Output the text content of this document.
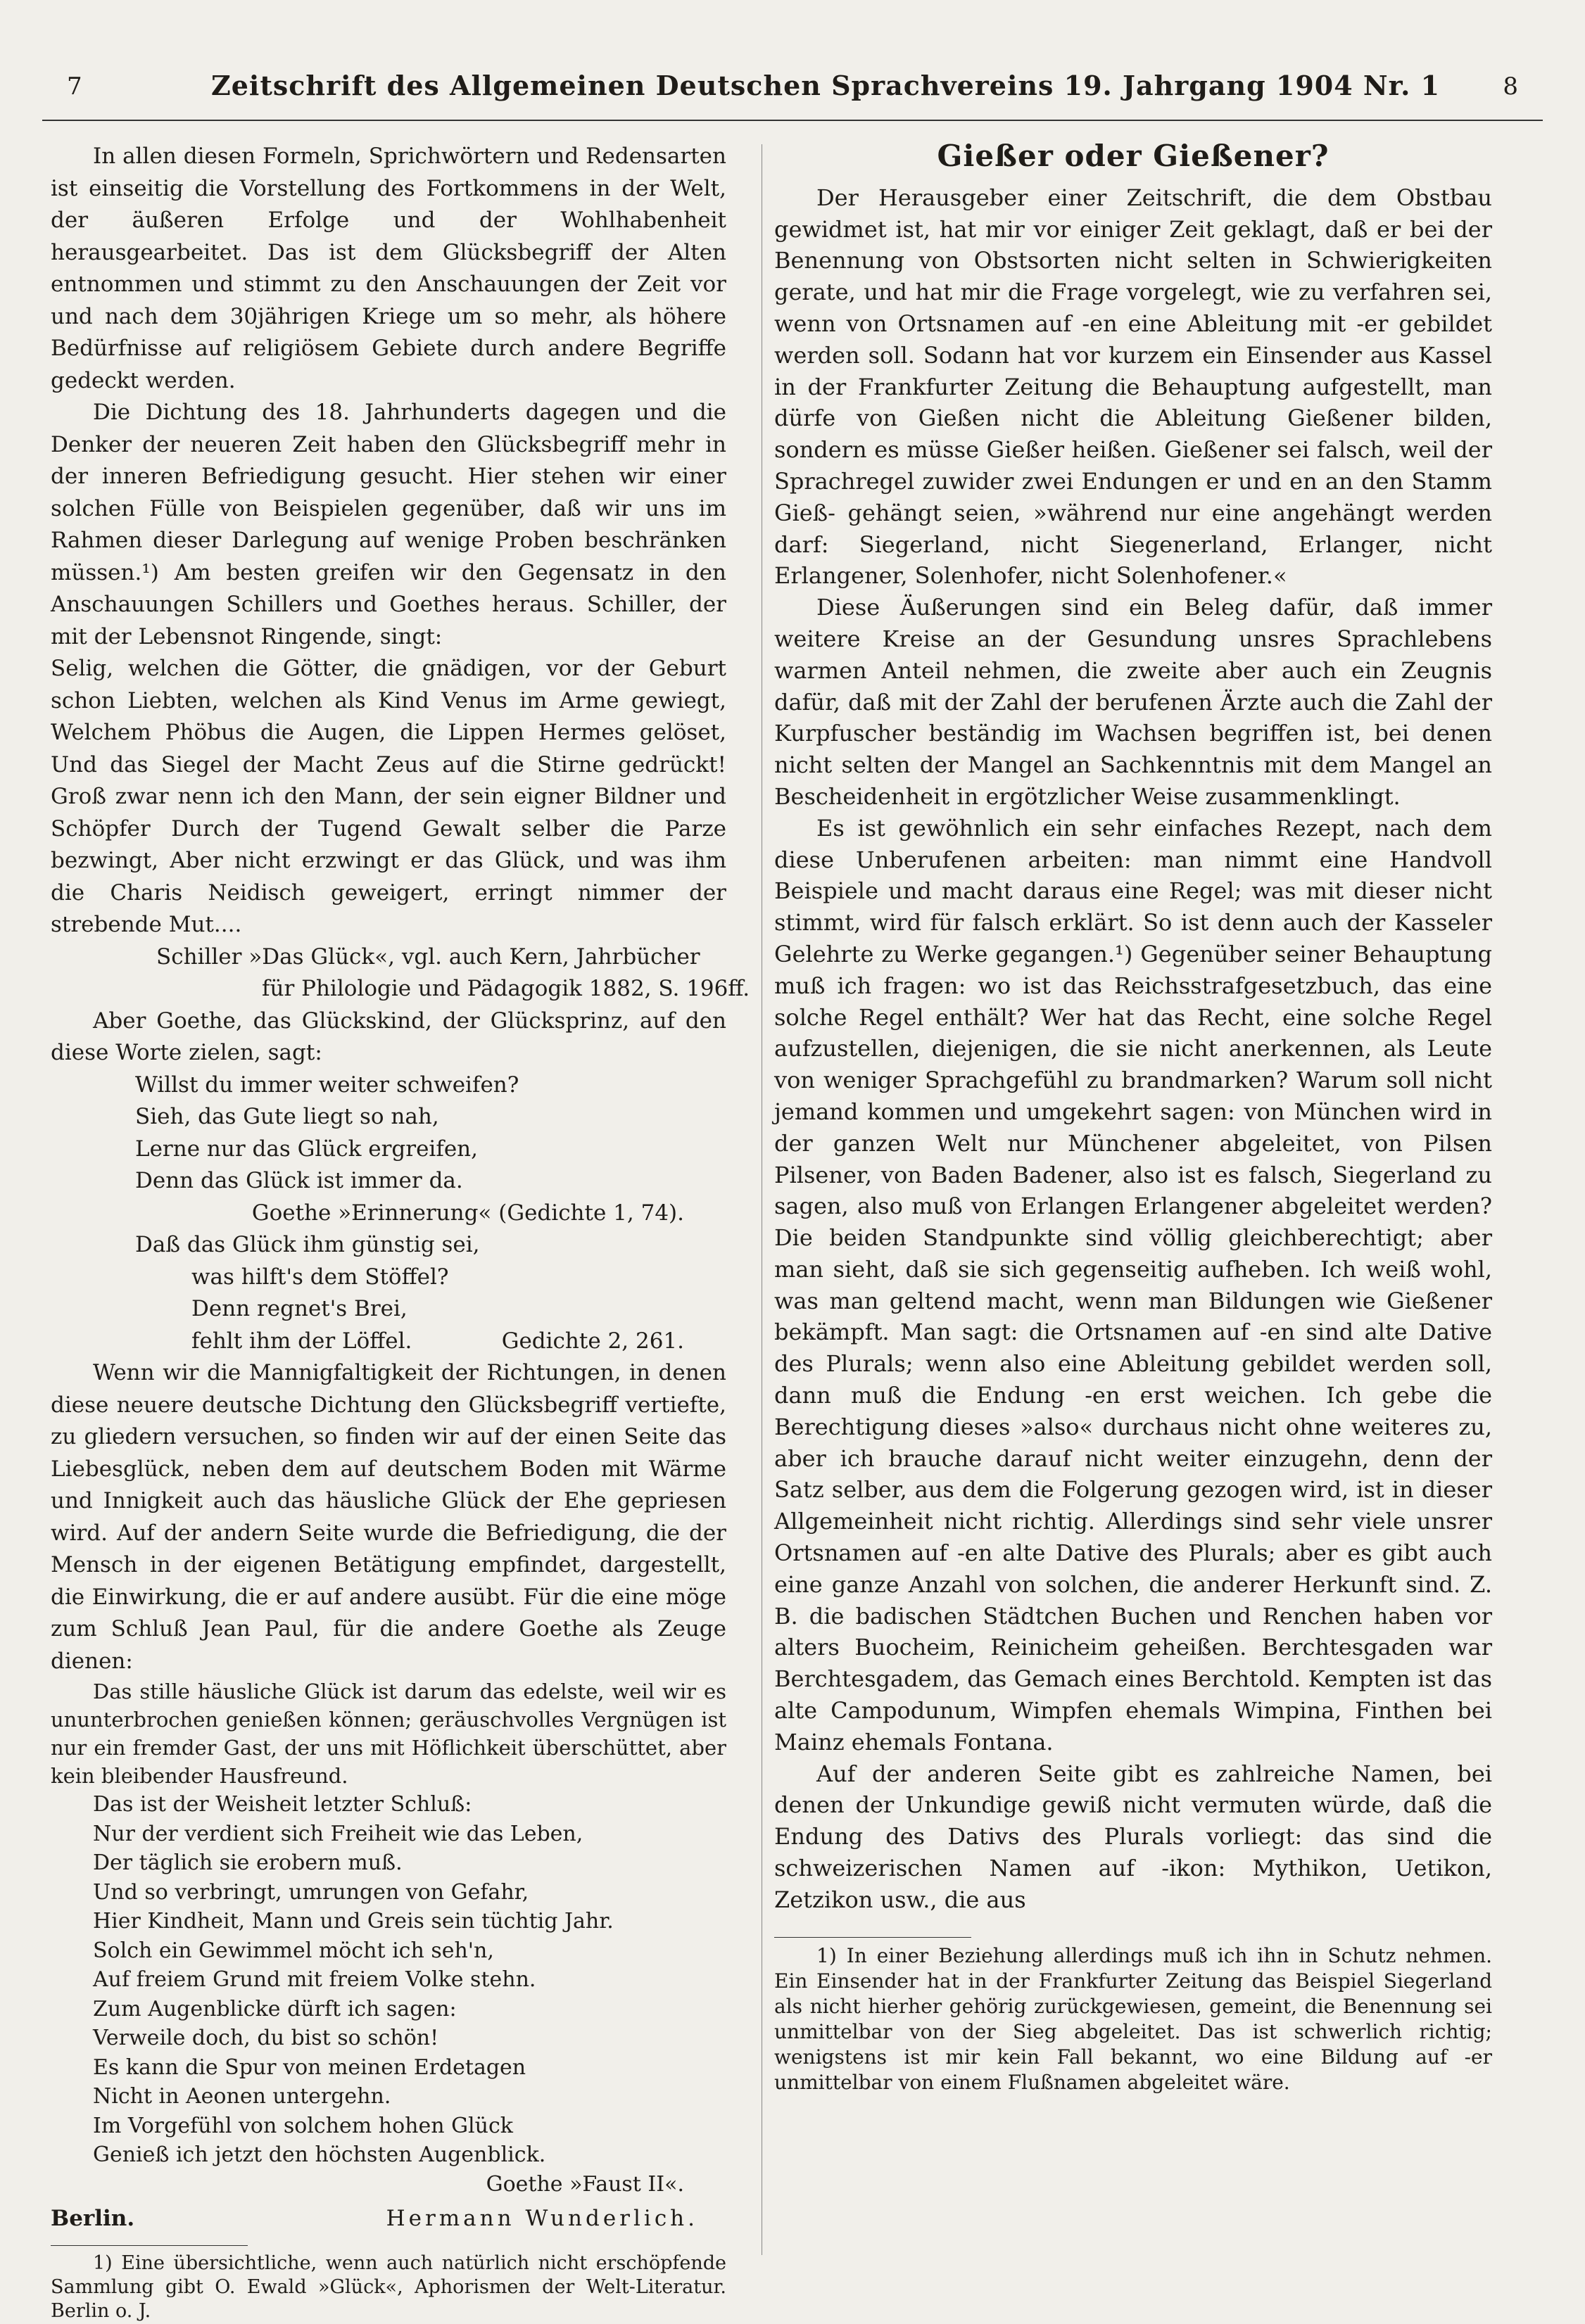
7	Zeitschrift des Allgemeinen Deutschen Sprachvereins 19. Jahrgang 1904 Nr. 1	8

In allen diesen Formeln, Sprichwörtern und Redensarten ist einseitig die Vorstellung des Fortkommens in der Welt, der äußeren Erfolge und der Wohlhabenheit herausgearbeitet. Das ist dem Glücksbegriff der Alten entnommen und stimmt zu den Anschauungen der Zeit vor und nach dem 30jährigen Kriege um so mehr, als höhere Bedürfnisse auf religiösem Gebiete durch andere Begriffe gedeckt werden.

Die Dichtung des 18. Jahrhunderts dagegen und die Denker der neueren Zeit haben den Glücksbegriff mehr in der inneren Befriedigung gesucht. Hier stehen wir einer solchen Fülle von Beispielen gegenüber, daß wir uns im Rahmen dieser Darlegung auf wenige Proben beschränken müssen.¹) Am besten greifen wir den Gegensatz in den Anschauungen Schillers und Goethes heraus. Schiller, der mit der Lebensnot Ringende, singt:

Selig, welchen die Götter, die gnädigen, vor der Geburt schon Liebten, welchen als Kind Venus im Arme gewiegt, Welchem Phöbus die Augen, die Lippen Hermes gelöset, Und das Siegel der Macht Zeus auf die Stirne gedrückt! Groß zwar nenn ich den Mann, der sein eigner Bildner und Schöpfer Durch der Tugend Gewalt selber die Parze bezwingt, Aber nicht erzwingt er das Glück, und was ihm die Charis Neidisch geweigert, erringt nimmer der strebende Mut....

Schiller »Das Glück«, vgl. auch Kern, Jahrbücher
für Philologie und Pädagogik 1882, S. 196ff.

Aber Goethe, das Glückskind, der Glücksprinz, auf den diese Worte zielen, sagt:

Willst du immer weiter schweifen?
Sieh, das Gute liegt so nah,
Lerne nur das Glück ergreifen,
Denn das Glück ist immer da.
Goethe »Erinnerung« (Gedichte 1, 74).
Daß das Glück ihm günstig sei,
was hilft's dem Stöffel?
Denn regnet's Brei,
fehlt ihm der Löffel.	Gedichte 2, 261.

Wenn wir die Mannigfaltigkeit der Richtungen, in denen diese neuere deutsche Dichtung den Glücksbegriff vertiefte, zu gliedern versuchen, so finden wir auf der einen Seite das Liebesglück, neben dem auf deutschem Boden mit Wärme und Innigkeit auch das häusliche Glück der Ehe gepriesen wird. Auf der andern Seite wurde die Befriedigung, die der Mensch in der eigenen Betätigung empfindet, dargestellt, die Einwirkung, die er auf andere ausübt. Für die eine möge zum Schluß Jean Paul, für die andere Goethe als Zeuge dienen:

Das stille häusliche Glück ist darum das edelste, weil wir es ununterbrochen genießen können; geräuschvolles Vergnügen ist nur ein fremder Gast, der uns mit Höflichkeit überschüttet, aber kein bleibender Hausfreund.

Das ist der Weisheit letzter Schluß:
Nur der verdient sich Freiheit wie das Leben,
Der täglich sie erobern muß.
Und so verbringt, umrungen von Gefahr,
Hier Kindheit, Mann und Greis sein tüchtig Jahr.
Solch ein Gewimmel möcht ich seh'n,
Auf freiem Grund mit freiem Volke stehn.
Zum Augenblicke dürft ich sagen:
Verweile doch, du bist so schön!
Es kann die Spur von meinen Erdetagen
Nicht in Aeonen untergehn.
Im Vorgefühl von solchem hohen Glück
Genieß ich jetzt den höchsten Augenblick.
Goethe »Faust II«.
Berlin.	Hermann Wunderlich.

1) Eine übersichtliche, wenn auch natürlich nicht erschöpfende Sammlung gibt O. Ewald »Glück«, Aphorismen der Welt-Literatur. Berlin o. J.

Gießer oder Gießener?

Der Herausgeber einer Zeitschrift, die dem Obstbau gewidmet ist, hat mir vor einiger Zeit geklagt, daß er bei der Benennung von Obstsorten nicht selten in Schwierigkeiten gerate, und hat mir die Frage vorgelegt, wie zu verfahren sei, wenn von Ortsnamen auf -en eine Ableitung mit -er gebildet werden soll. Sodann hat vor kurzem ein Einsender aus Kassel in der Frankfurter Zeitung die Behauptung aufgestellt, man dürfe von Gießen nicht die Ableitung Gießener bilden, sondern es müsse Gießer heißen. Gießener sei falsch, weil der Sprachregel zuwider zwei Endungen er und en an den Stamm Gieß- gehängt seien, »während nur eine angehängt werden darf: Siegerland, nicht Siegenerland, Erlanger, nicht Erlangener, Solenhofer, nicht Solenhofener.«

Diese Äußerungen sind ein Beleg dafür, daß immer weitere Kreise an der Gesundung unsres Sprachlebens warmen Anteil nehmen, die zweite aber auch ein Zeugnis dafür, daß mit der Zahl der berufenen Ärzte auch die Zahl der Kurpfuscher beständig im Wachsen begriffen ist, bei denen nicht selten der Mangel an Sachkenntnis mit dem Mangel an Bescheidenheit in ergötzlicher Weise zusammenklingt.

Es ist gewöhnlich ein sehr einfaches Rezept, nach dem diese Unberufenen arbeiten: man nimmt eine Handvoll Beispiele und macht daraus eine Regel; was mit dieser nicht stimmt, wird für falsch erklärt. So ist denn auch der Kasseler Gelehrte zu Werke gegangen.¹) Gegenüber seiner Behauptung muß ich fragen: wo ist das Reichsstrafgesetzbuch, das eine solche Regel enthält? Wer hat das Recht, eine solche Regel aufzustellen, diejenigen, die sie nicht anerkennen, als Leute von weniger Sprachgefühl zu brandmarken? Warum soll nicht jemand kommen und umgekehrt sagen: von München wird in der ganzen Welt nur Münchener abgeleitet, von Pilsen Pilsener, von Baden Badener, also ist es falsch, Siegerland zu sagen, also muß von Erlangen Erlangener abgeleitet werden? Die beiden Standpunkte sind völlig gleichberechtigt; aber man sieht, daß sie sich gegenseitig aufheben. Ich weiß wohl, was man geltend macht, wenn man Bildungen wie Gießener bekämpft. Man sagt: die Ortsnamen auf -en sind alte Dative des Plurals; wenn also eine Ableitung gebildet werden soll, dann muß die Endung -en erst weichen. Ich gebe die Berechtigung dieses »also« durchaus nicht ohne weiteres zu, aber ich brauche darauf nicht weiter einzugehn, denn der Satz selber, aus dem die Folgerung gezogen wird, ist in dieser Allgemeinheit nicht richtig. Allerdings sind sehr viele unsrer Ortsnamen auf -en alte Dative des Plurals; aber es gibt auch eine ganze Anzahl von solchen, die anderer Herkunft sind. Z. B. die badischen Städtchen Buchen und Renchen haben vor alters Buocheim, Reinicheim geheißen. Berchtesgaden war Berchtesgadem, das Gemach eines Berchtold. Kempten ist das alte Campodunum, Wimpfen ehemals Wimpina, Finthen bei Mainz ehemals Fontana.

Auf der anderen Seite gibt es zahlreiche Namen, bei denen der Unkundige gewiß nicht vermuten würde, daß die Endung des Dativs des Plurals vorliegt: das sind die schweizerischen Namen auf -ikon: Mythikon, Uetikon, Zetzikon usw., die aus

1) In einer Beziehung allerdings muß ich ihn in Schutz nehmen. Ein Einsender hat in der Frankfurter Zeitung das Beispiel Siegerland als nicht hierher gehörig zurückgewiesen, gemeint, die Benennung sei unmittelbar von der Sieg abgeleitet. Das ist schwerlich richtig; wenigstens ist mir kein Fall bekannt, wo eine Bildung auf -er unmittelbar von einem Flußnamen abgeleitet wäre.
